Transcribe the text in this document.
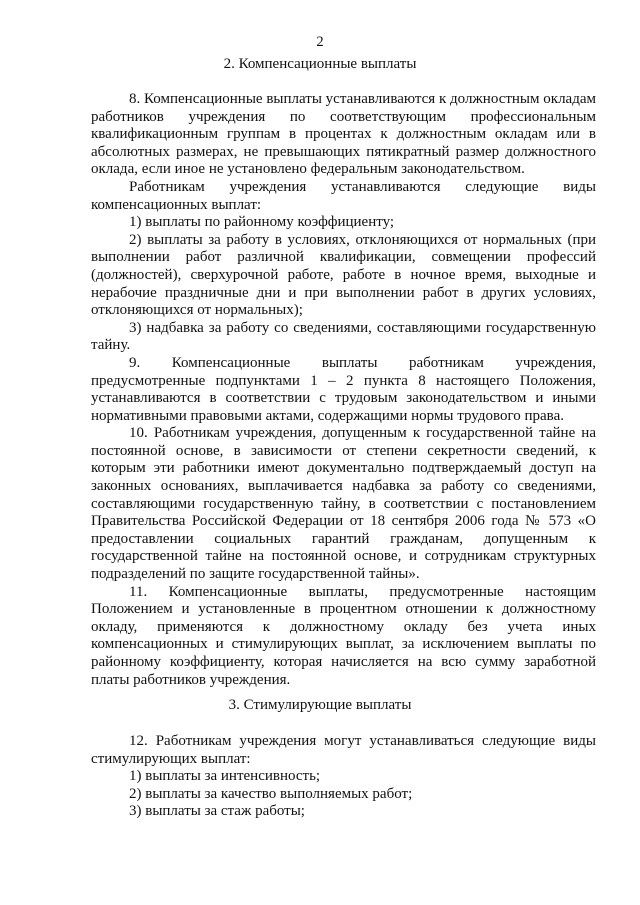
2
2. Компенсационные выплаты

8. Компенсационные выплаты устанавливаются к должностным окладам работников учреждения по соответствующим профессиональным квалификационным группам в процентах к должностным окладам или в абсолютных размерах, не превышающих пятикратный размер должностного оклада, если иное не установлено федеральным законодательством.

Работникам учреждения устанавливаются следующие виды компенсационных выплат:

1) выплаты по районному коэффициенту;

2) выплаты за работу в условиях, отклоняющихся от нормальных (при выполнении работ различной квалификации, совмещении профессий (должностей), сверхурочной работе, работе в ночное время, выходные и нерабочие праздничные дни и при выполнении работ в других условиях, отклоняющихся от нормальных);

3) надбавка за работу со сведениями, составляющими государственную тайну.

9. Компенсационные выплаты работникам учреждения, предусмотренные подпунктами 1 – 2 пункта 8 настоящего Положения, устанавливаются в соответствии с трудовым законодательством и иными нормативными правовыми актами, содержащими нормы трудового права.

10. Работникам учреждения, допущенным к государственной тайне на постоянной основе, в зависимости от степени секретности сведений, к которым эти работники имеют документально подтверждаемый доступ на законных основаниях, выплачивается надбавка за работу со сведениями, составляющими государственную тайну, в соответствии с постановлением Правительства Российской Федерации от 18 сентября 2006 года № 573 «О предоставлении социальных гарантий гражданам, допущенным к государственной тайне на постоянной основе, и сотрудникам структурных подразделений по защите государственной тайны».

11. Компенсационные выплаты, предусмотренные настоящим Положением и установленные в процентном отношении к должностному окладу, применяются к должностному окладу без учета иных компенсационных и стимулирующих выплат, за исключением выплаты по районному коэффициенту, которая начисляется на всю сумму заработной платы работников учреждения.

3. Стимулирующие выплаты

12. Работникам учреждения могут устанавливаться следующие виды стимулирующих выплат:

1) выплаты за интенсивность;

2) выплаты за качество выполняемых работ;

3) выплаты за стаж работы;
